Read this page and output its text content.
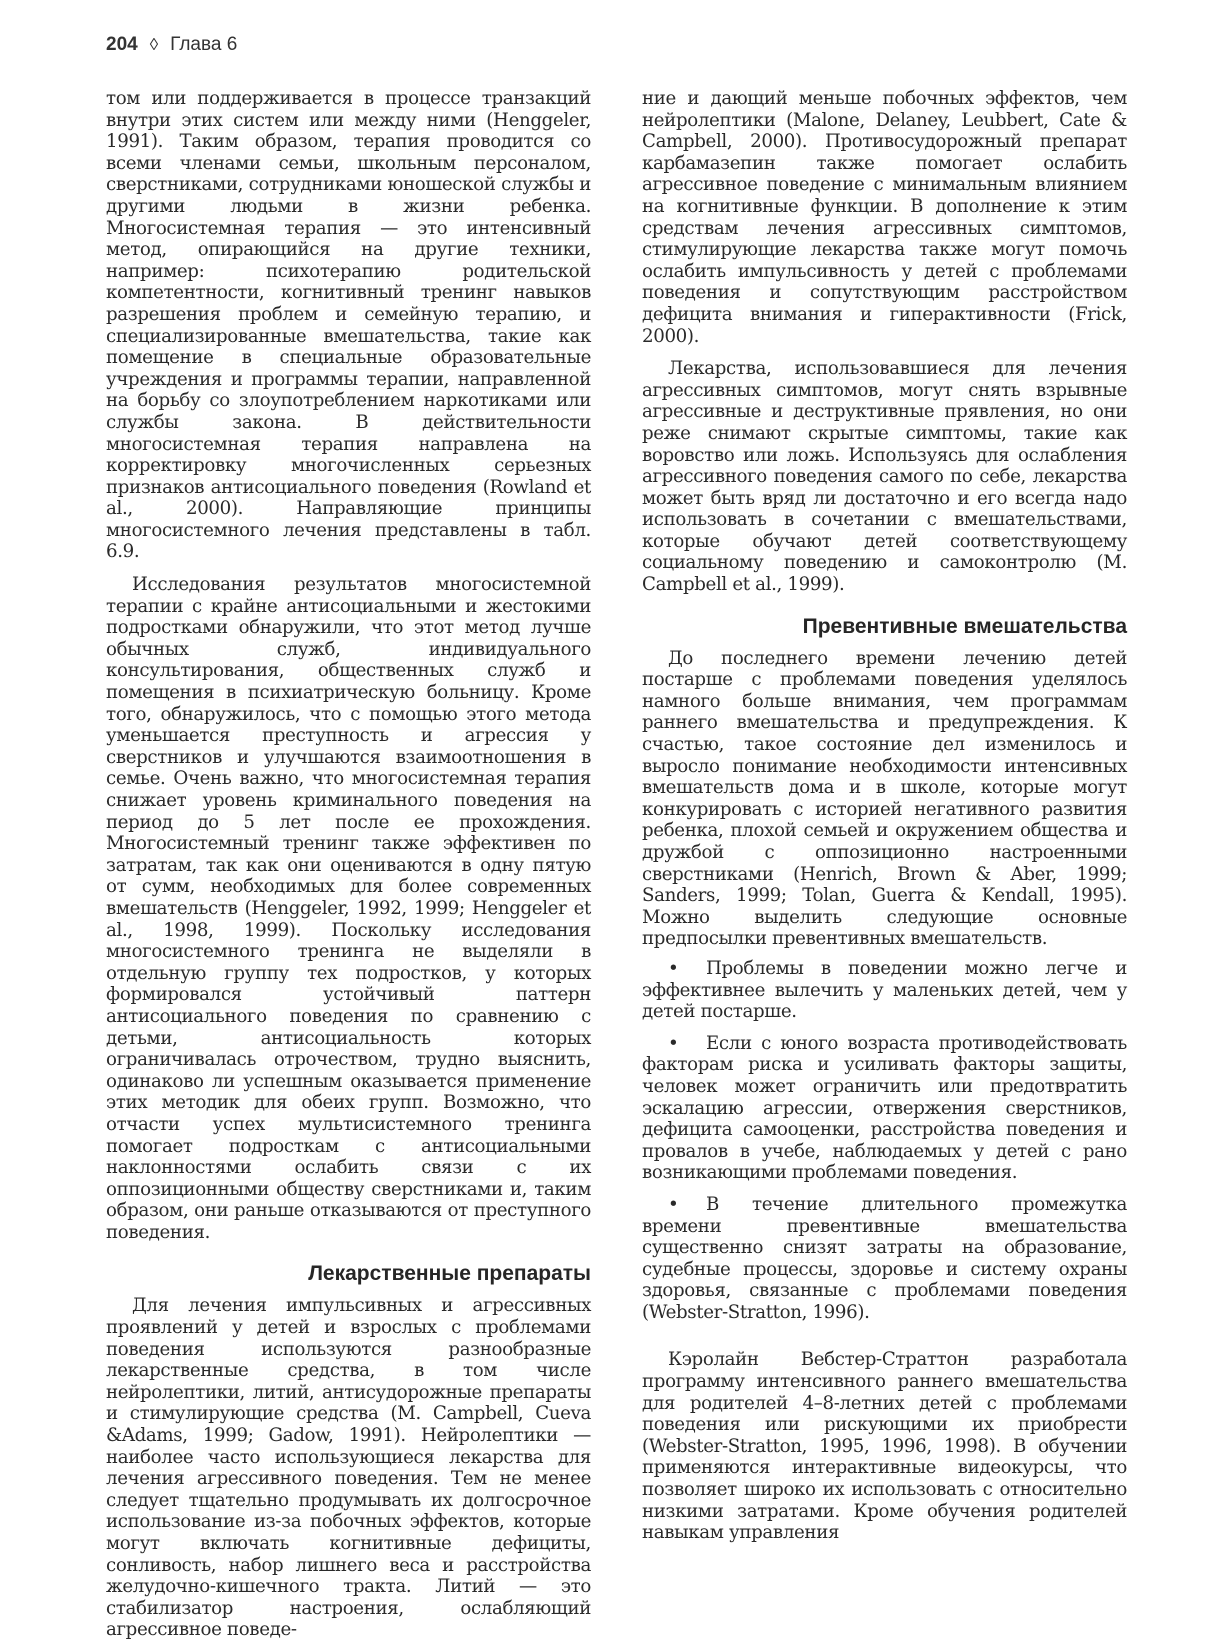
204 ◊ Глава 6

том или поддерживается в процессе транзакций внутри этих систем или между ними (Henggeler, 1991). Таким образом, терапия проводится со всеми членами семьи, школьным персоналом, сверстниками, сотрудниками юношеской службы и другими людьми в жизни ребенка. Многосистемная терапия — это интенсивный метод, опирающийся на другие техники, например: психотерапию родительской компетентности, когнитивный тренинг навыков разрешения проблем и семейную терапию, и специализированные вмешательства, такие как помещение в специальные образовательные учреждения и программы терапии, направленной на борьбу со злоупотреблением наркотиками или службы закона. В действительности многосистемная терапия направлена на корректировку многочисленных серьезных признаков антисоциального поведения (Rowland et al., 2000). Направляющие принципы многосистемного лечения представлены в табл. 6.9.

Исследования результатов многосистемной терапии с крайне антисоциальными и жестокими подростками обнаружили, что этот метод лучше обычных служб, индивидуального консультирования, общественных служб и помещения в психиатрическую больницу. Кроме того, обнаружилось, что с помощью этого метода уменьшается преступность и агрессия у сверстников и улучшаются взаимоотношения в семье. Очень важно, что многосистемная терапия снижает уровень криминального поведения на период до 5 лет после ее прохождения. Многосистемный тренинг также эффективен по затратам, так как они оцениваются в одну пятую от сумм, необходимых для более современных вмешательств (Henggeler, 1992, 1999; Henggeler et al., 1998, 1999). Поскольку исследования многосистемного тренинга не выделяли в отдельную группу тех подростков, у которых формировался устойчивый паттерн антисоциального поведения по сравнению с детьми, антисоциальность которых ограничивалась отрочеством, трудно выяснить, одинаково ли успешным оказывается применение этих методик для обеих групп. Возможно, что отчасти успех мультисистемного тренинга помогает подросткам с антисоциальными наклонностями ослабить связи с их оппозиционными обществу сверстниками и, таким образом, они раньше отказываются от преступного поведения.

Лекарственные препараты

Для лечения импульсивных и агрессивных проявлений у детей и взрослых с проблемами поведения используются разнообразные лекарственные средства, в том числе нейролептики, литий, антисудорожные препараты и стимулирующие средства (M. Campbell, Cueva &Adams, 1999; Gadow, 1991). Нейролептики — наиболее часто использующиеся лекарства для лечения агрессивного поведения. Тем не менее следует тщательно продумывать их долгосрочное использование из-за побочных эффектов, которые могут включать когнитивные дефициты, сонливость, набор лишнего веса и расстройства желудочно-кишечного тракта. Литий — это стабилизатор настроения, ослабляющий агрессивное поведе-

ние и дающий меньше побочных эффектов, чем нейролептики (Malone, Delaney, Leubbert, Cate & Campbell, 2000). Противосудорожный препарат карбамазепин также помогает ослабить агрессивное поведение с минимальным влиянием на когнитивные функции. В дополнение к этим средствам лечения агрессивных симптомов, стимулирующие лекарства также могут помочь ослабить импульсивность у детей с проблемами поведения и сопутствующим расстройством дефицита внимания и гиперактивности (Frick, 2000).

Лекарства, использовавшиеся для лечения агрессивных симптомов, могут снять взрывные агрессивные и деструктивные прявления, но они реже снимают скрытые симптомы, такие как воровство или ложь. Используясь для ослабления агрессивного поведения самого по себе, лекарства может быть вряд ли достаточно и его всегда надо использовать в сочетании с вмешательствами, которые обучают детей соответствующему социальному поведению и самоконтролю (M. Campbell et al., 1999).

Превентивные вмешательства

До последнего времени лечению детей постарше с проблемами поведения уделялось намного больше внимания, чем программам раннего вмешательства и предупреждения. К счастью, такое состояние дел изменилось и выросло понимание необходимости интенсивных вмешательств дома и в школе, которые могут конкурировать с историей негативного развития ребенка, плохой семьей и окружением общества и дружбой с оппозиционно настроенными сверстниками (Henrich, Brown & Aber, 1999; Sanders, 1999; Tolan, Guerra & Kendall, 1995). Можно выделить следующие основные предпосылки превентивных вмешательств.

• Проблемы в поведении можно легче и эффективнее вылечить у маленьких детей, чем у детей постарше.
• Если с юного возраста противодействовать факторам риска и усиливать факторы защиты, человек может ограничить или предотвратить эскалацию агрессии, отвержения сверстников, дефицита самооценки, расстройства поведения и провалов в учебе, наблюдаемых у детей с рано возникающими проблемами поведения.
• В течение длительного промежутка времени превентивные вмешательства существенно снизят затраты на образование, судебные процессы, здоровье и систему охраны здоровья, связанные с проблемами поведения (Webster-Stratton, 1996).

Кэролайн Вебстер-Страттон разработала программу интенсивного раннего вмешательства для родителей 4–8-летних детей с проблемами поведения или рискующими их приобрести (Webster-Stratton, 1995, 1996, 1998). В обучении применяются интерактивные видеокурсы, что позволяет широко их использовать с относительно низкими затратами. Кроме обучения родителей навыкам управления
